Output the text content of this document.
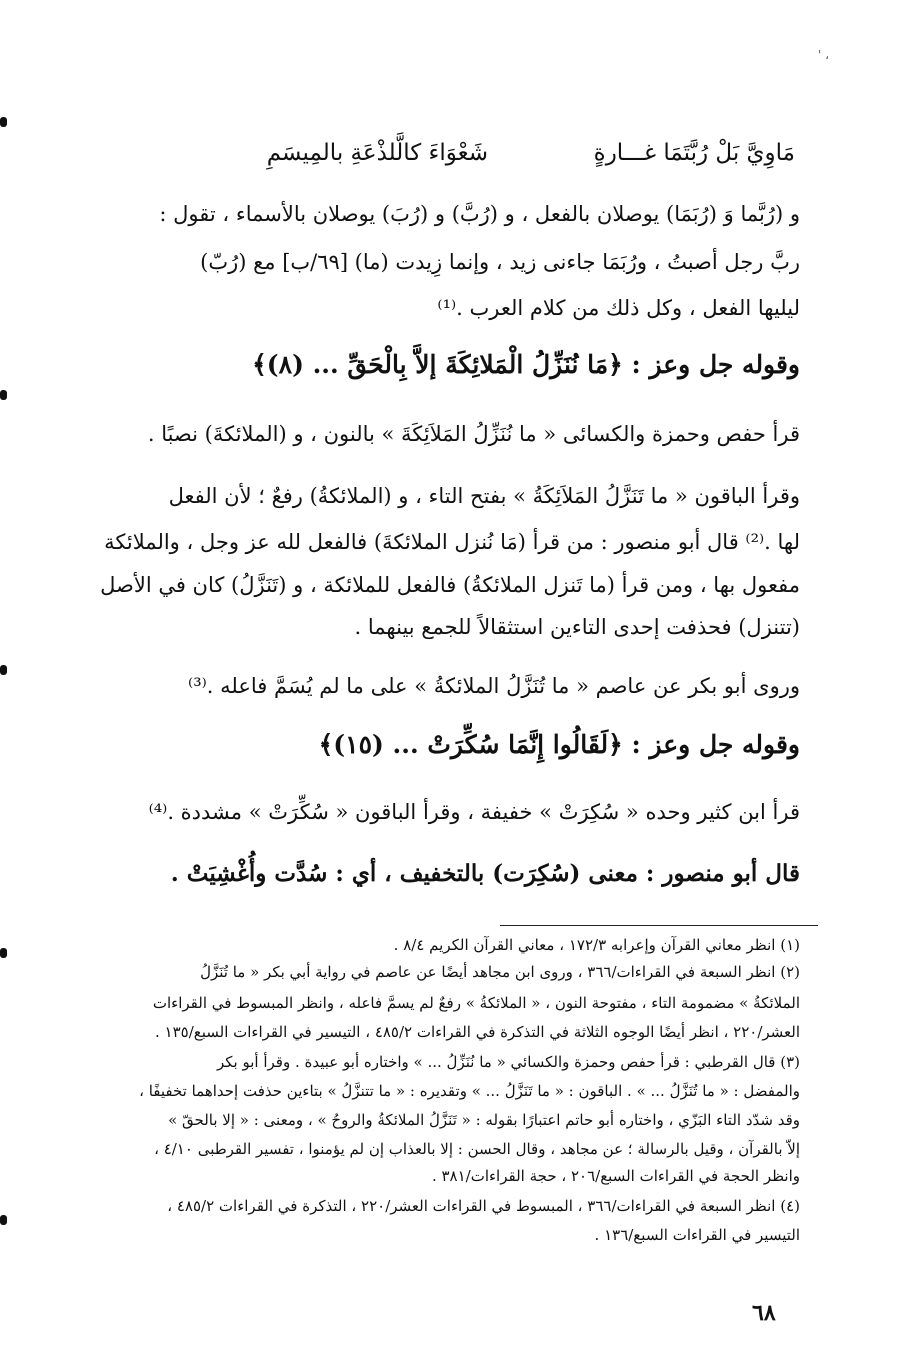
، '
مَاوِيَّ بَلْ رُبَّتَمَا غـــارةٍ
شَعْوَاءَ كالَّلذْعَةِ بالمِيسَمِ
و (رُبَّما وَ (رُبَمَا) يوصلان بالفعل ، و (رُبَّ) و (رُبَ) يوصلان بالأسماء ، تقول :
ربَّ رجل أصبتُ ، ورُبَمَا جاءنى زيد ، وإنما زِيدت (ما) [٦٩/ب] مع (رُبّ)
ليليها الفعل ، وكل ذلك من كلام العرب .⁽¹⁾
وقوله جل وعز : ﴿مَا نُنَزِّلُ الْمَلائِكَةَ إلاَّ بِالْحَقِّ ... (٨)﴾
قرأ حفص وحمزة والكسائى « ما نُنَزِّلُ المَلاَئِكَةَ » بالنون ، و (الملائكةَ) نصبًا .
وقرأ الباقون « ما تَنَزَّلُ المَلاَئِكَةُ » بفتح التاء ، و (الملائكةُ) رفعٌ ؛ لأن الفعل
لها .⁽²⁾ قال أبو منصور : من قرأ (مَا نُنزل الملائكةَ) فالفعل لله عز وجل ، والملائكة
مفعول بها ، ومن قرأ (ما تَنزل الملائكةُ) فالفعل للملائكة ، و (تَنَزَّلُ) كان في الأصل
(تتنزل) فحذفت إحدى التاءين استثقالاً للجمع بينهما .
وروى أبو بكر عن عاصم « ما تُنَزَّلُ الملائكةُ » على ما لم يُسَمَّ فاعله .⁽³⁾
وقوله جل وعز : ﴿لَقَالُوا إِنَّمَا سُكِّرَتْ ... (١٥)﴾
قرأ ابن كثير وحده « سُكِرَتْ » خفيفة ، وقرأ الباقون « سُكِّرَتْ » مشددة .⁽⁴⁾
قال أبو منصور : معنى (سُكِرَت) بالتخفيف ، أي : سُدَّت وأُغْشِيَتْ .
(١) انظر معاني القرآن وإعرابه ١٧٢/٣ ، معاني القرآن الكريم ٨/٤ .
(٢) انظر السبعة في القراءات/٣٦٦ ، وروى ابن مجاهد أيضًا عن عاصم في رواية أبي بكر « ما تُنَزَّلُ
الملائكةُ » مضمومة التاء ، مفتوحة النون ، « الملائكةُ » رفعٌ لم يسمَّ فاعله ، وانظر المبسوط في القراءات
العشر/٢٢٠ ، انظر أيضًا الوجوه الثلاثة في التذكرة في القراءات ٤٨٥/٢ ، التيسير في القراءات السبع/١٣٥ .
(٣) قال القرطبي : قرأ حفص وحمزة والكسائي « ما نُنَزِّلُ ... » واختاره أبو عبيدة . وقرأ أبو بكر
والمفضل : « ما تُنَزَّلُ ... » . الباقون : « ما تَنَزَّلُ ... » وتقديره : « ما تتنزَّلُ » بتاءين حذفت إحداهما تخفيفًا ،
وقد شدّد التاء البَزّي ، واختاره أبو حاتم اعتبارًا بقوله : « تَنَزَّلُ الملائكةُ والروحُ » ، ومعنى : « إلا بالحقّ »
إلاّ بالقرآن ، وقيل بالرسالة ؛ عن مجاهد ، وقال الحسن : إلا بالعذاب إن لم يؤمنوا ، تفسير القرطبى ٤/١٠ ،
وانظر الحجة في القراءات السبع/٢٠٦ ، حجة القراءات/٣٨١ .
(٤) انظر السبعة في القراءات/٣٦٦ ، المبسوط في القراءات العشر/٢٢٠ ، التذكرة في القراءات ٤٨٥/٢ ،
التيسير في القراءات السبع/١٣٦ .
٦٨
